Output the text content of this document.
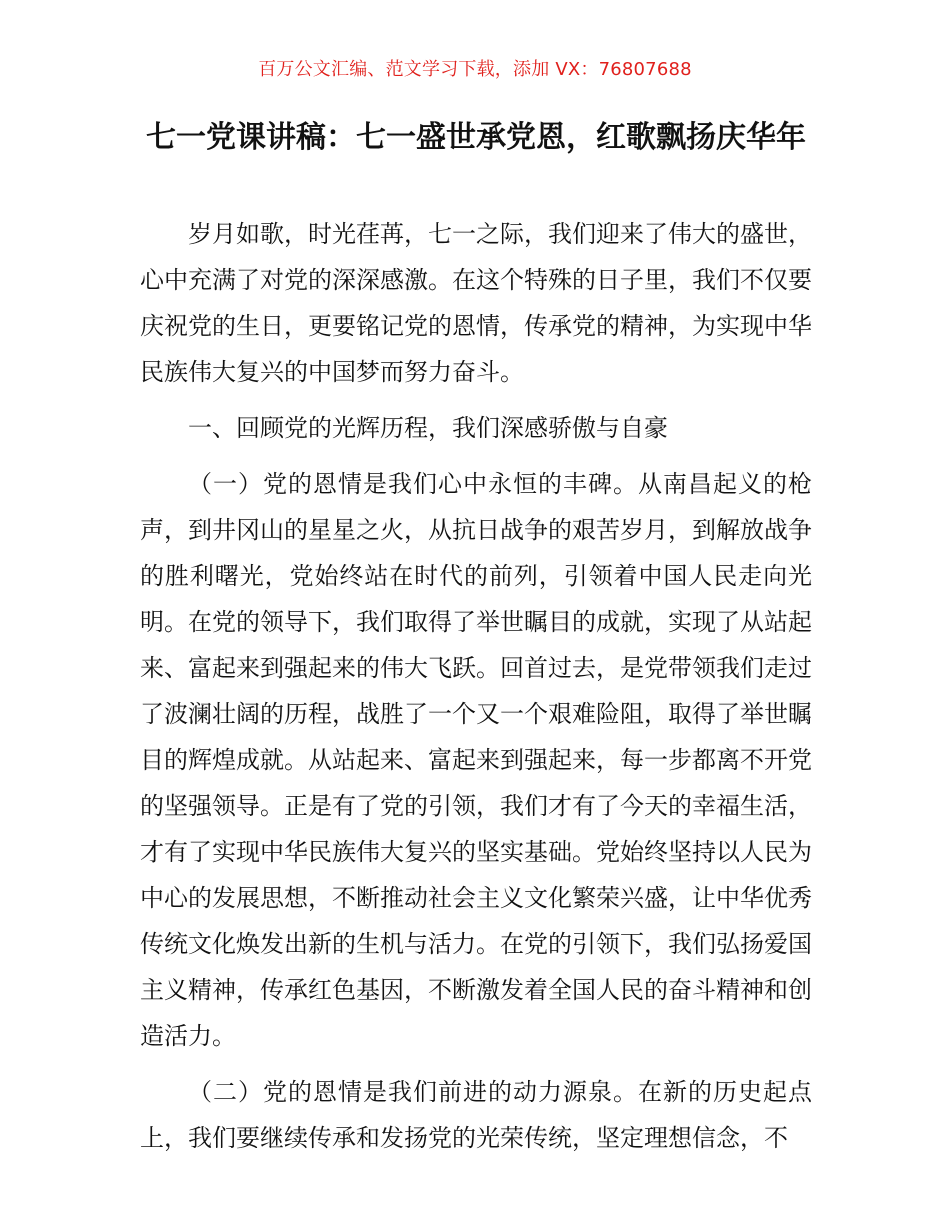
百万公文汇编、范文学习下载，添加 VX：76807688
七一党课讲稿：七一盛世承党恩，红歌飘扬庆华年

岁月如歌，时光荏苒，七一之际，我们迎来了伟大的盛世，心中充满了对党的深深感激。在这个特殊的日子里，我们不仅要庆祝党的生日，更要铭记党的恩情，传承党的精神，为实现中华民族伟大复兴的中国梦而努力奋斗。

一、回顾党的光辉历程，我们深感骄傲与自豪

（一）党的恩情是我们心中永恒的丰碑。从南昌起义的枪声，到井冈山的星星之火，从抗日战争的艰苦岁月，到解放战争的胜利曙光，党始终站在时代的前列，引领着中国人民走向光明。在党的领导下，我们取得了举世瞩目的成就，实现了从站起来、富起来到强起来的伟大飞跃。回首过去，是党带领我们走过了波澜壮阔的历程，战胜了一个又一个艰难险阻，取得了举世瞩目的辉煌成就。从站起来、富起来到强起来，每一步都离不开党的坚强领导。正是有了党的引领，我们才有了今天的幸福生活，才有了实现中华民族伟大复兴的坚实基础。党始终坚持以人民为中心的发展思想，不断推动社会主义文化繁荣兴盛，让中华优秀传统文化焕发出新的生机与活力。在党的引领下，我们弘扬爱国主义精神，传承红色基因，不断激发着全国人民的奋斗精神和创造活力。

（二）党的恩情是我们前进的动力源泉。在新的历史起点上，我们要继续传承和发扬党的光荣传统，坚定理想信念，不
